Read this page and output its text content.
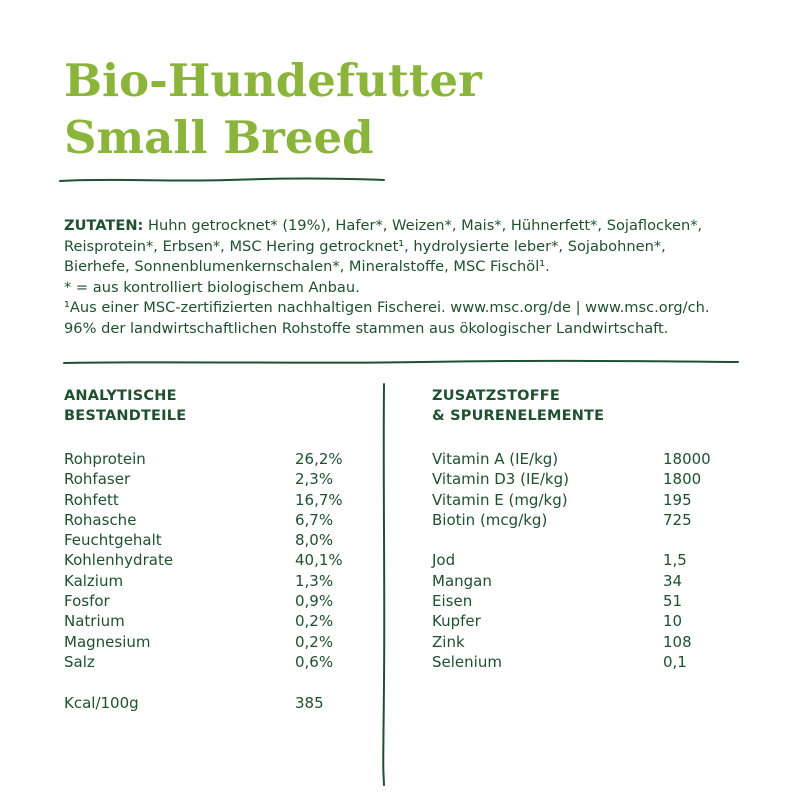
Bio-Hundefutter
Small Breed

ZUTATEN: Huhn getrocknet* (19%), Hafer*, Weizen*, Mais*, Hühnerfett*, Sojaflocken*,

Reisprotein*, Erbsen*, MSC Hering getrocknet¹, hydrolysierte leber*, Sojabohnen*,

Bierhefe, Sonnenblumenkernschalen*, Mineralstoffe, MSC Fischöl¹.

* = aus kontrolliert biologischem Anbau.

¹Aus einer MSC-zertifizierten nachhaltigen Fischerei. www.msc.org/de | www.msc.org/ch.

96% der landwirtschaftlichen Rohstoffe stammen aus ökologischer Landwirtschaft.

ANALYTISCHE
BESTANDTEILE
Rohprotein	26,2%
Rohfaser	2,3%
Rohfett	16,7%
Rohasche	6,7%
Feuchtgehalt	8,0%
Kohlenhydrate	40,1%
Kalzium	1,3%
Fosfor	0,9%
Natrium	0,2%
Magnesium	0,2%
Salz	0,6%
Kcal/100g	385
ZUSATZSTOFFE
& SPURENELEMENTE
Vitamin A (IE/kg)	18000
Vitamin D3 (IE/kg)	1800
Vitamin E (mg/kg)	195
Biotin (mcg/kg)	725
Jod	1,5
Mangan	34
Eisen	51
Kupfer	10
Zink	108
Selenium	0,1
